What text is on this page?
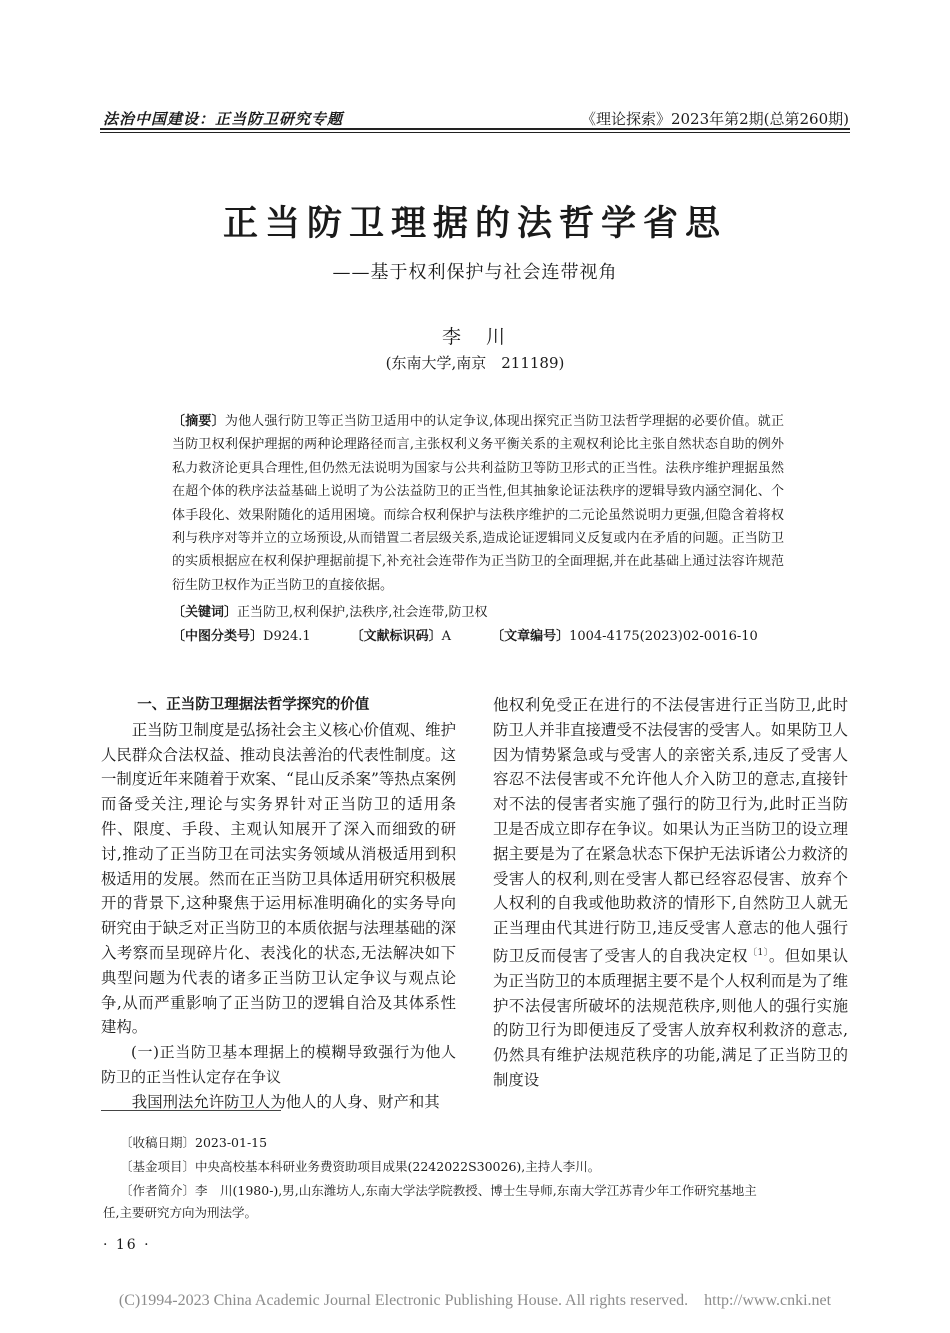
法治中国建设：正当防卫研究专题	《理论探索》2023年第2期(总第260期)
正当防卫理据的法哲学省思
——基于权利保护与社会连带视角
李　川
(东南大学,南京　211189)
〔摘要〕为他人强行防卫等正当防卫适用中的认定争议,体现出探究正当防卫法哲学理据的必要价值。就正当防卫权利保护理据的两种论理路径而言,主张权利义务平衡关系的主观权利论比主张自然状态自助的例外私力救济论更具合理性,但仍然无法说明为国家与公共利益防卫等防卫形式的正当性。法秩序维护理据虽然在超个体的秩序法益基础上说明了为公法益防卫的正当性,但其抽象论证法秩序的逻辑导致内涵空洞化、个体手段化、效果附随化的适用困境。而综合权利保护与法秩序维护的二元论虽然说明力更强,但隐含着将权利与秩序对等并立的立场预设,从而错置二者层级关系,造成论证逻辑同义反复或内在矛盾的问题。正当防卫的实质根据应在权利保护理据前提下,补充社会连带作为正当防卫的全面理据,并在此基础上通过法容许规范衍生防卫权作为正当防卫的直接依据。
〔关键词〕正当防卫,权利保护,法秩序,社会连带,防卫权
〔中图分类号〕D924.1	〔文献标识码〕A	〔文章编号〕1004-4175(2023)02-0016-10

一、正当防卫理据法哲学探究的价值

正当防卫制度是弘扬社会主义核心价值观、维护人民群众合法权益、推动良法善治的代表性制度。这一制度近年来随着于欢案、“昆山反杀案”等热点案例而备受关注,理论与实务界针对正当防卫的适用条件、限度、手段、主观认知展开了深入而细致的研讨,推动了正当防卫在司法实务领域从消极适用到积极适用的发展。然而在正当防卫具体适用研究积极展开的背景下,这种聚焦于运用标准明确化的实务导向研究由于缺乏对正当防卫的本质依据与法理基础的深入考察而呈现碎片化、表浅化的状态,无法解决如下典型问题为代表的诸多正当防卫认定争议与观点论争,从而严重影响了正当防卫的逻辑自洽及其体系性建构。

(一)正当防卫基本理据上的模糊导致强行为他人防卫的正当性认定存在争议

我国刑法允许防卫人为他人的人身、财产和其

他权利免受正在进行的不法侵害进行正当防卫,此时防卫人并非直接遭受不法侵害的受害人。如果防卫人因为情势紧急或与受害人的亲密关系,违反了受害人容忍不法侵害或不允许他人介入防卫的意志,直接针对不法的侵害者实施了强行的防卫行为,此时正当防卫是否成立即存在争议。如果认为正当防卫的设立理据主要是为了在紧急状态下保护无法诉诸公力救济的受害人的权利,则在受害人都已经容忍侵害、放弃个人权利的自我或他助救济的情形下,自然防卫人就无正当理由代其进行防卫,违反受害人意志的他人强行防卫反而侵害了受害人的自我决定权$^{〔1〕}$。但如果认为正当防卫的本质理据主要不是个人权利而是为了维护不法侵害所破坏的法规范秩序,则他人的强行实施的防卫行为即便违反了受害人放弃权利救济的意志,仍然具有维护法规范秩序的功能,满足了正当防卫的制度设

〔收稿日期〕2023-01-15
〔基金项目〕中央高校基本科研业务费资助项目成果(2242022S30026),主持人李川。
〔作者简介〕李　川(1980-),男,山东潍坊人,东南大学法学院教授、博士生导师,东南大学江苏青少年工作研究基地主
任,主要研究方向为刑法学。
· 16 ·
(C)1994-2023 China Academic Journal Electronic Publishing House. All rights reserved.　http://www.cnki.net
